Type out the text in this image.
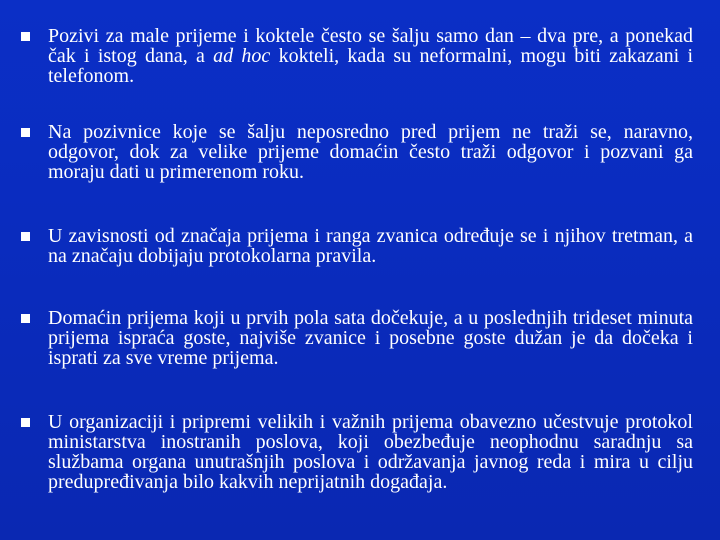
Pozivi za male prijeme i koktele često se šalju samo dan – dva pre, a ponekad čak i istog dana, a ad hoc kokteli, kada su neformalni, mogu biti zakazani i telefonom.

Na pozivnice koje se šalju neposredno pred prijem ne traži se, naravno, odgovor, dok za velike prijeme domaćin često traži odgovor i pozvani ga moraju dati u primerenom roku.

U zavisnosti od značaja prijema i ranga zvanica određuje se i njihov tretman, a na značaju dobijaju protokolarna pravila.

Domaćin prijema koji u prvih pola sata dočekuje, a u poslednjih trideset minuta prijema ispraća goste, najviše zvanice i posebne goste dužan je da dočeka i isprati za sve vreme prijema.

U organizaciji i pripremi velikih i važnih prijema obavezno učestvuje protokol ministarstva inostranih poslova, koji obezbeđuje neophodnu saradnju sa službama organa unutrašnjih poslova i održavanja javnog reda i mira u cilju predupređivanja bilo kakvih neprijatnih događaja.
